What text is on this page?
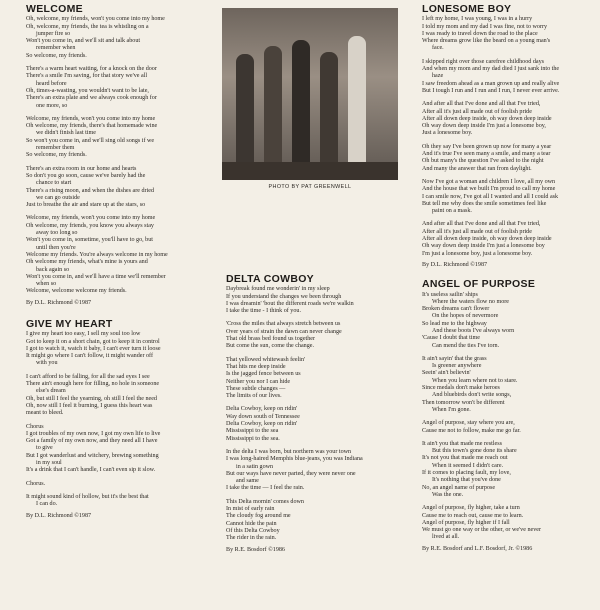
WELCOME
Oh, welcome, my friends, won't you come into my home
Oh, welcome, my friends, the tea is whistling on a
jumper fire so
Won't you come in, and we'll sit and talk about
remember when
So welcome, my friends.
There's a warm heart waiting, for a knock on the door
There's a smile I'm saving, for that story we've all
heard before
Oh, times-a-wasting, you wouldn't want to be late,
There's an extra plate and we always cook enough for
one more, so
Welcome, my friends, won't you come into my home
Oh welcome, my friends, there's that homemade wine
we didn't finish last time
So won't you come in, and we'll sing old songs if we
remember them
So welcome, my friends.
There's an extra room in our home and hearts
So don't you go soon, cause we've barely had the
chance to start
There's a rising moon, and when the dishes are dried
we can go outside
Just to breathe the air and stare up at the stars, so
Welcome, my friends, won't you come into my home
Oh welcome, my friends, you know you always stay
away too long so
Won't you come in, sometime, you'll have to go, but
until then you're
Welcome my friends. You're always welcome in my home
Oh welcome my friends, what's mine is yours and
back again so
Won't you come in, and we'll have a time we'll remember
when so
Welcome, welcome welcome my friends.
By D.L. Richmond ©1987
GIVE MY HEART
I give my heart too easy, I sell my soul too low
Got to keep it on a short chain, got to keep it in control
I got to watch it, watch it baby, I can't ever turn it loose
It might go where I can't follow, it might wander off
with you
I can't afford to be falling, for all the sad eyes I see
There ain't enough here for filling, no hole in someone
else's dream
Oh, but still I feel the yearning, oh still I feel the need
Oh, now still I feel it burning, I guess this heart was
meant to bleed.
Chorus
I got troubles of my own now, I got my own life to live
Got a family of my own now, and they need all I have
to give
But I got wanderlust and witchery, brewing something
in my soul
It's a drink that I can't handle, I can't even sip it slow.
Chorus.
It might sound kind of hollow, but it's the best that
I can do.
By D.L. Richmond ©1987
PHOTO BY PAT GREENWELL
DELTA COWBOY
Daybreak found me wonderin' in my sleep
If you understand the changes we been through
I was dreamin' 'bout the different roads we're walkin
I take the time - I think of you.
'Cross the miles that always stretch between us
Over years of strain the dawn can never change
That old brass bed found us together
But come the sun, come the change.
That yellowed whitewash feelin'
That hits me deep inside
Is the jagged fence between us
Neither you nor I can hide
These subtle changes —
The limits of our lives.
Delta Cowboy, keep on ridin'
Way down south of Tennessee
Delta Cowboy, keep on ridin'
Mississippi to the sea
Mississippi to the sea.
In the delta I was born, but northern was your town
I was long-haired Memphis blue-jeans, you was Indiana
in a satin gown
But our ways have never parted, they were never one
and same
I take the time — I feel the rain.
This Delta mornin' comes down
In mist of early rain
The cloudy fog around me
Cannot hide the pain
Of this Delta Cowboy
The rider in the rain.
By R.E. Bosdorf ©1986
LONESOME BOY
I left my home, I was young, I was in a hurry
I told my mom and my dad I was fine, not to worry
I was ready to travel down the road to the place
Where dreams grow like the beard on a young man's
face.
I skipped right over those carefree childhood days
And when my mom and my dad died I just sank into the
haze
I saw freedom ahead as a man grown up and really alive
But I tough I run and I run and I run, I never ever arrive.
And after all that I've done and all that I've tried,
After all it's just all made out of foolish pride
After all down deep inside, oh way down deep inside
Oh way down deep inside I'm just a lonesome boy,
Just a lonesome boy.
Oh they say I've been grown up now for many a year
And it's true I've seen many a smile, and many a tear
Oh but many's the question I've asked to the night
And many the answer that ran from daylight.
Now I've got a woman and children I love, all my own
And the house that we built I'm proud to call my home
I can smile now, I've got all I wanted and all I could ask
But tell me why does the smile sometimes feel like
paint on a mask.
And after all that I've done and all that I've tried,
After all it's just all made out of foolish pride
After all down deep inside, oh way down deep inside
Oh way down deep inside I'm just a lonesome boy
I'm just a lonesome boy, just a lonesome boy.
By D.L. Richmond ©1987
ANGEL OF PURPOSE
It's useless sailin' ships
Where the waters flow no more
Broken dreams can't flower
On the hopes of nevermore
So lead me to the highway
And these boots I've always worn
'Cause I doubt that time
Can mend the ties I've torn.
It ain't sayin' that the grass
Is greener anywhere
Seein' ain't believin'
When you learn where not to stare.
Since medals don't make heroes
And bluebirds don't write songs,
Then tomorrow won't be different
When I'm gone.
Angel of purpose, stay where you are,
Cause me not to follow, make me go far.
It ain't you that made me restless
But this town's gone done its share
It's not you that made me reach out
When it seemed I didn't care.
If it comes to placing fault, my love,
It's nothing that you've done
No, an angel name of purpose
Was the one.
Angel of purpose, fly higher, take a turn
Cause me to reach out, cause me to learn.
Angel of purpose, fly higher if I fall
We must go one way or the other, or we've never
lived at all.
By R.E. Bosdorf and L.F. Bosdorf, Jr. ©1986
